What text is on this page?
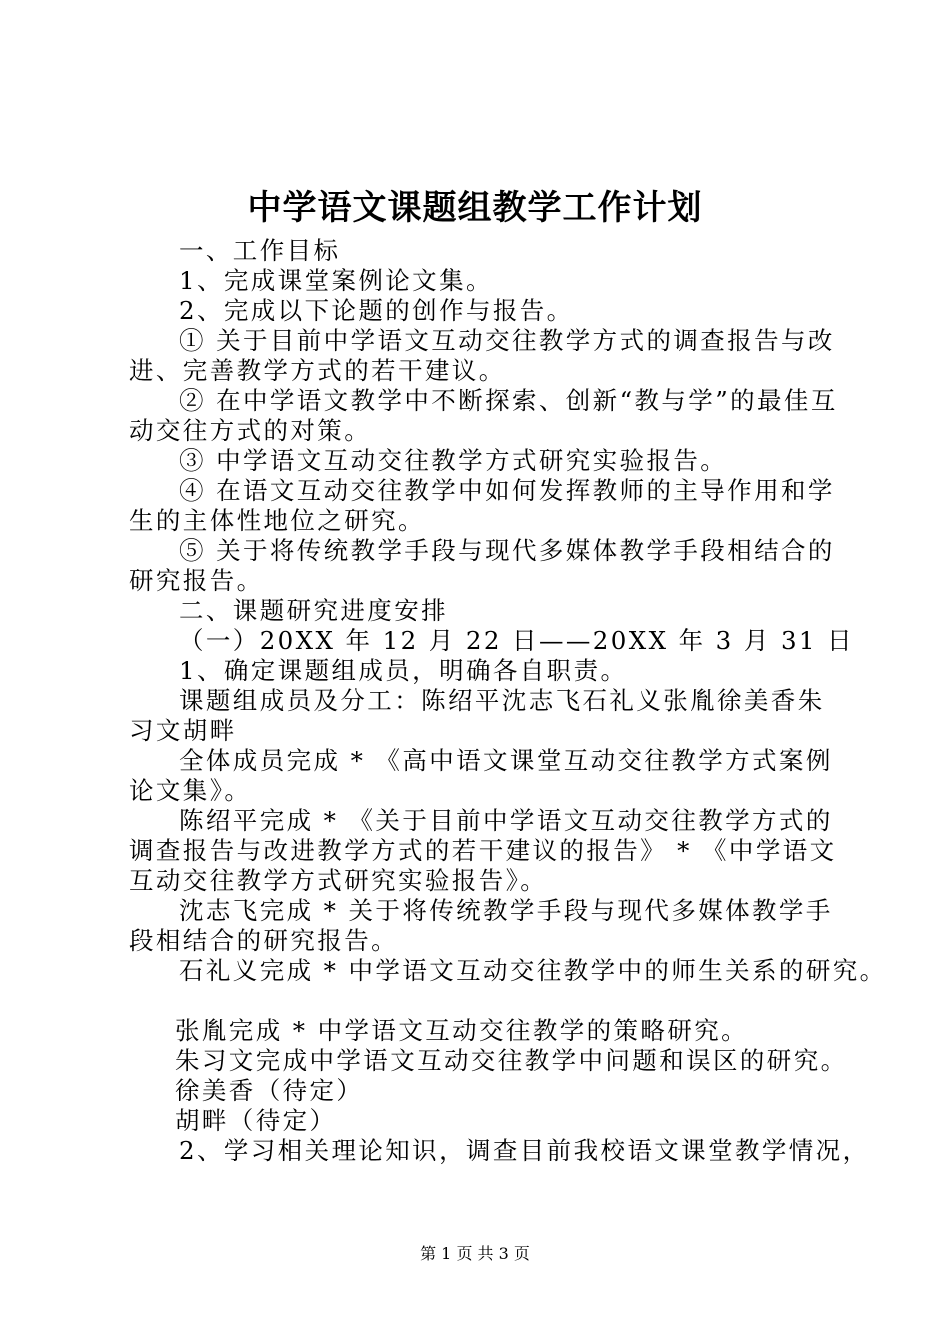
中学语文课题组教学工作计划

一、工作目标

1、完成课堂案例论文集。

2、完成以下论题的创作与报告。

① 关于目前中学语文互动交往教学方式的调查报告与改进、完善教学方式的若干建议。

② 在中学语文教学中不断探索、创新“教与学”的最佳互动交往方式的对策。

③ 中学语文互动交往教学方式研究实验报告。

④ 在语文互动交往教学中如何发挥教师的主导作用和学生的主体性地位之研究。

⑤ 关于将传统教学手段与现代多媒体教学手段相结合的研究报告。

二、课题研究进度安排

（一）20XX 年 12 月 22 日——20XX 年 3 月 31 日

1、确定课题组成员，明确各自职责。

课题组成员及分工：陈绍平沈志飞石礼义张胤徐美香朱习文胡畔

全体成员完成 * 《高中语文课堂互动交往教学方式案例论文集》。

陈绍平完成 * 《关于目前中学语文互动交往教学方式的调查报告与改进教学方式的若干建议的报告》 * 《中学语文互动交往教学方式研究实验报告》。

沈志飞完成 * 关于将传统教学手段与现代多媒体教学手段相结合的研究报告。

石礼义完成 * 中学语文互动交往教学中的师生关系的研究。

张胤完成 * 中学语文互动交往教学的策略研究。

朱习文完成中学语文互动交往教学中问题和误区的研究。

徐美香（待定）

胡畔（待定）

2、学习相关理论知识，调查目前我校语文课堂教学情况，

第 1 页 共 3 页
